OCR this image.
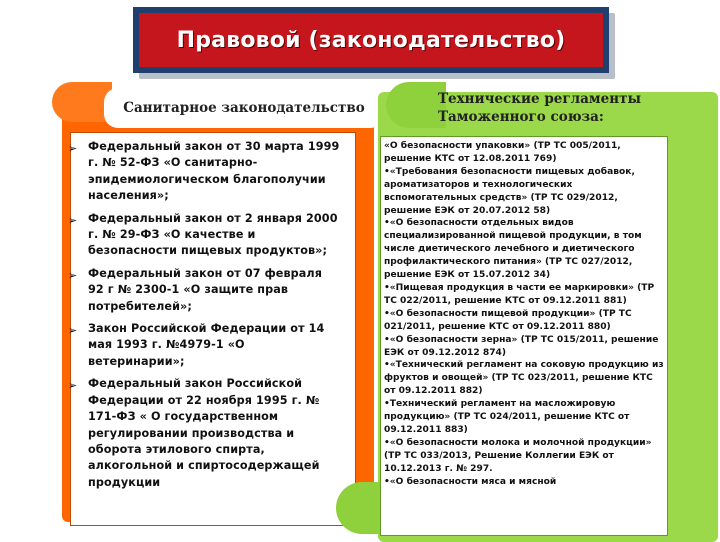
Правовой (законодательство)
Санитарное законодательство
➢ Федеральный закон от 30 марта 1999 г. № 52-ФЗ «О санитарно-эпидемиологическом благополучии населения»;
➢ Федеральный закон от 2 января 2000 г. № 29-ФЗ «О качестве и безопасности пищевых продуктов»;
➢ Федеральный закон от 07 февраля 92 г № 2300-1 «О защите прав потребителей»;
➢ Закон Российской Федерации от 14 мая 1993 г. №4979-1 «О ветеринарии»;
➢ Федеральный закон Российской Федерации от 22 ноября 1995 г. № 171-ФЗ « О государственном регулировании производства и оборота этилового спирта, алкогольной и спиртосодержащей продукции
Технические регламенты
Таможенного союза:

«О безопасности упаковки» (ТР ТС 005/2011, решение КТС от 12.08.2011 769)

•«Требования безопасности пищевых добавок, ароматизаторов и технологических вспомогательных средств» (ТР ТС 029/2012, решение ЕЭК от 20.07.2012 58)

•«О безопасности отдельных видов специализированной пищевой продукции, в том числе диетического лечебного и диетического профилактического питания» (ТР ТС 027/2012, решение ЕЭК от 15.07.2012 34)

•«Пищевая продукция в части ее маркировки» (ТР ТС 022/2011, решение КТС от 09.12.2011 881)

•«О безопасности пищевой продукции» (ТР ТС 021/2011, решение КТС от 09.12.2011 880)

•«О безопасности зерна» (ТР ТС 015/2011, решение ЕЭК от 09.12.2012 874)

•«Технический регламент на соковую продукцию из фруктов и овощей» (ТР ТС 023/2011, решение КТС от 09.12.2011 882)

•Технический регламент на масложировую продукцию» (ТР ТС 024/2011, решение КТС от 09.12.2011 883)

•«О безопасности молока и молочной продукции» (ТР ТС 033/2013, Решение Коллегии ЕЭК от 10.12.2013 г. № 297.

•«О безопасности мяса и мясной
